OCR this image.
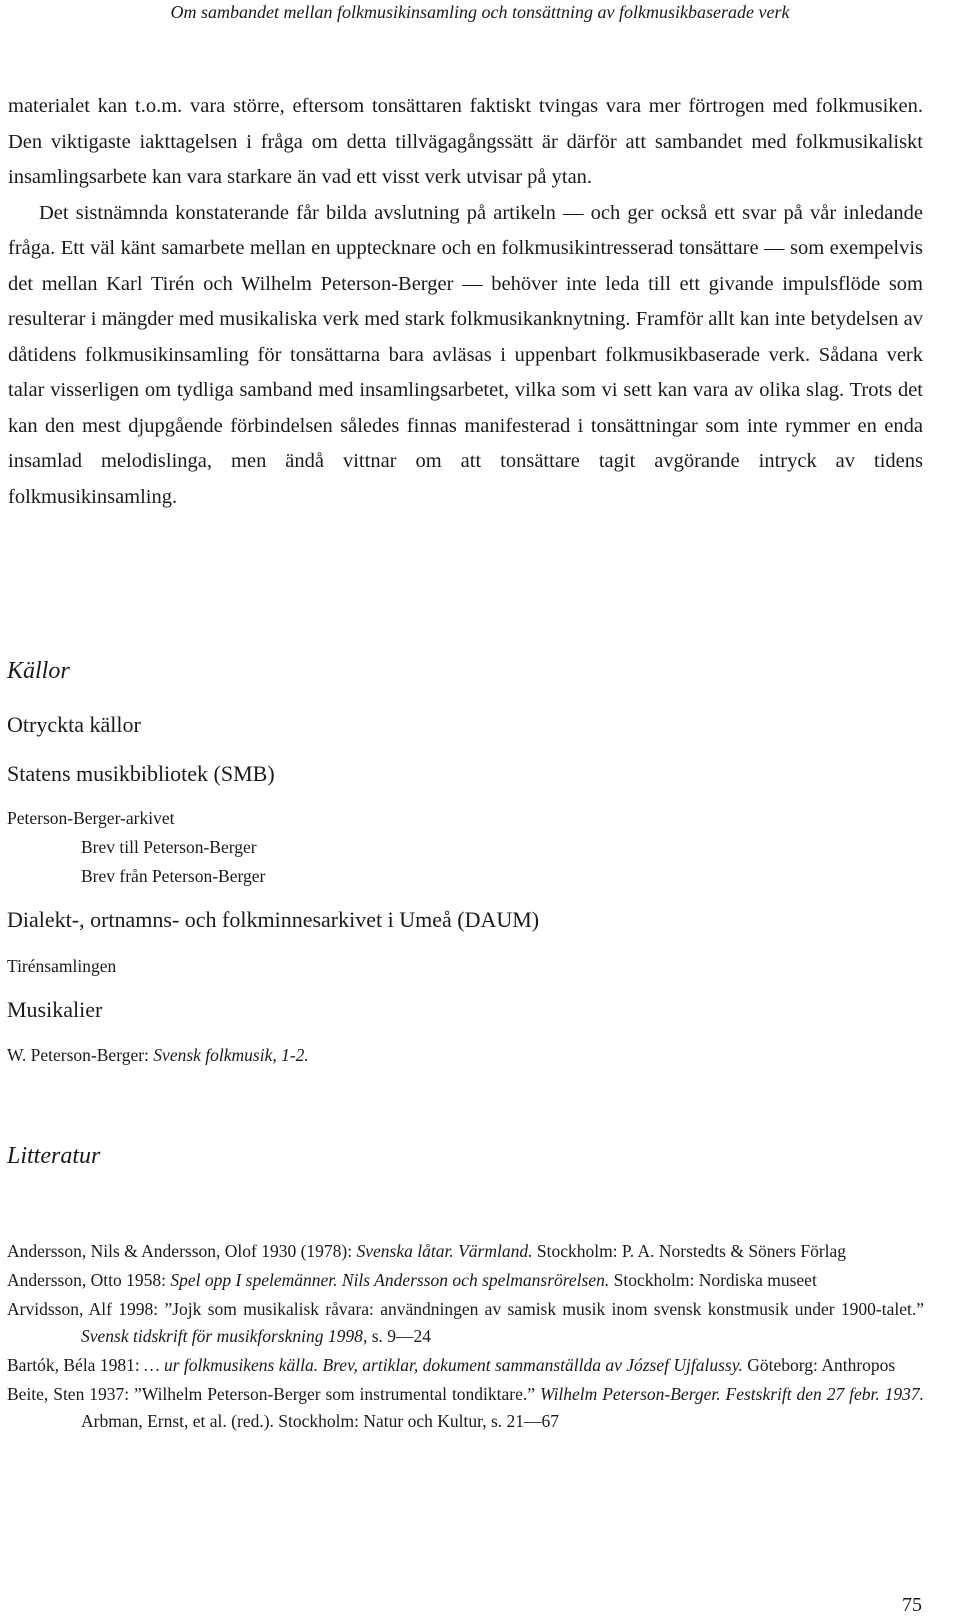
Om sambandet mellan folkmusikinsamling och tonsättning av folkmusikbaserade verk

materialet kan t.o.m. vara större, eftersom tonsättaren faktiskt tvingas vara mer förtrogen med folkmusiken. Den viktigaste iakttagelsen i fråga om detta tillvägagångssätt är därför att sambandet med folkmusikaliskt insamlingsarbete kan vara starkare än vad ett visst verk utvisar på ytan.

Det sistnämnda konstaterande får bilda avslutning på artikeln — och ger också ett svar på vår inledande fråga. Ett väl känt samarbete mellan en upptecknare och en folkmusikintresserad tonsättare — som exempelvis det mellan Karl Tirén och Wilhelm Peterson-Berger — behöver inte leda till ett givande impulsflöde som resulterar i mängder med musikaliska verk med stark folkmusikanknytning. Framför allt kan inte betydelsen av dåtidens folkmusikinsamling för tonsättarna bara avläsas i uppenbart folkmusikbaserade verk. Sådana verk talar visserligen om tydliga samband med insamlingsarbetet, vilka som vi sett kan vara av olika slag. Trots det kan den mest djupgående förbindelsen således finnas manifesterad i tonsättningar som inte rymmer en enda insamlad melodislinga, men ändå vittnar om att tonsättare tagit avgörande intryck av tidens folkmusikinsamling.

Källor
Otryckta källor
Statens musikbibliotek (SMB)
Peterson-Berger-arkivet
Brev till Peterson-Berger
Brev från Peterson-Berger
Dialekt-, ortnamns- och folkminnesarkivet i Umeå (DAUM)
Tirénsamlingen
Musikalier
W. Peterson-Berger: Svensk folkmusik, 1-2.
Litteratur
Andersson, Nils & Andersson, Olof 1930 (1978): Svenska låtar. Värmland. Stockholm: P. A. Norstedts & Söners Förlag
Andersson, Otto 1958: Spel opp I spelemänner. Nils Andersson och spelmansrörelsen. Stockholm: Nordiska museet
Arvidsson, Alf 1998: ”Jojk som musikalisk råvara: användningen av samisk musik inom svensk konstmusik under 1900-talet.” Svensk tidskrift för musikforskning 1998, s. 9—24
Bartók, Béla 1981: … ur folkmusikens källa. Brev, artiklar, dokument sammanställda av József Ujfalussy. Göteborg: Anthropos
Beite, Sten 1937: ”Wilhelm Peterson-Berger som instrumental tondiktare.” Wilhelm Peterson-Berger. Festskrift den 27 febr. 1937. Arbman, Ernst, et al. (red.). Stockholm: Natur och Kultur, s. 21—67
75
